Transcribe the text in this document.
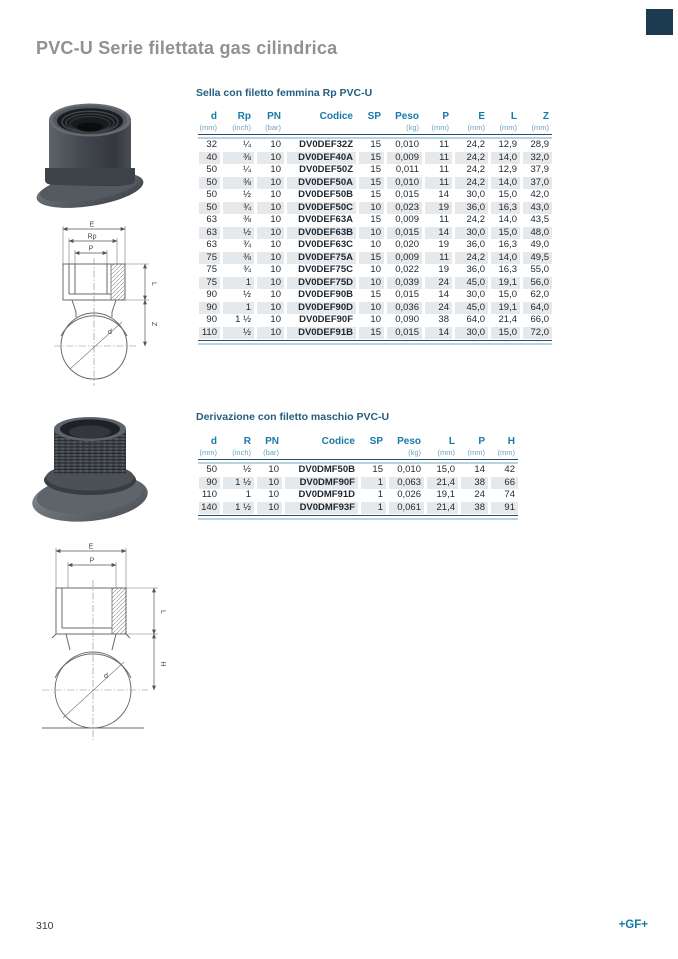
PVC-U Serie filettata gas cilindrica
Sella con filetto femmina Rp PVC-U
d	Rp	PN	Codice	SP	Peso	P	E	L	Z
(mm)	(inch)	(bar)			(kg)	(mm)	(mm)	(mm)	(mm)

32	¼	10	DV0DEF32Z	15	0,010	11	24,2	12,9	28,9
40	⅜	10	DV0DEF40A	15	0,009	11	24,2	14,0	32,0
50	¼	10	DV0DEF50Z	15	0,011	11	24,2	12,9	37,9
50	⅜	10	DV0DEF50A	15	0,010	11	24,2	14,0	37,0
50	½	10	DV0DEF50B	15	0,015	14	30,0	15,0	42,0
50	¾	10	DV0DEF50C	10	0,023	19	36,0	16,3	43,0
63	⅜	10	DV0DEF63A	15	0,009	11	24,2	14,0	43,5
63	½	10	DV0DEF63B	10	0,015	14	30,0	15,0	48,0
63	¾	10	DV0DEF63C	10	0,020	19	36,0	16,3	49,0
75	⅜	10	DV0DEF75A	15	0,009	11	24,2	14,0	49,5
75	¾	10	DV0DEF75C	10	0,022	19	36,0	16,3	55,0
75	1	10	DV0DEF75D	10	0,039	24	45,0	19,1	56,0
90	½	10	DV0DEF90B	15	0,015	14	30,0	15,0	62,0
90	1	10	DV0DEF90D	10	0,036	24	45,0	19,1	64,0
90	1 ½	10	DV0DEF90F	10	0,090	38	64,0	21,4	66,0
110	½	10	DV0DEF91B	15	0,015	14	30,0	15,0	72,0

E
Rp
P
d
L
Z
Derivazione con filetto maschio PVC-U
d	R	PN	Codice	SP	Peso	L	P	H
(mm)	(inch)	(bar)			(kg)	(mm)	(mm)	(mm)

50	½	10	DV0DMF50B	15	0,010	15,0	14	42
90	1 ½	10	DV0DMF90F	1	0,063	21,4	38	66
110	1	10	DV0DMF91D	1	0,026	19,1	24	74
140	1 ½	10	DV0DMF93F	1	0,061	21,4	38	91

E
P
d
L
H
310	+GF+
